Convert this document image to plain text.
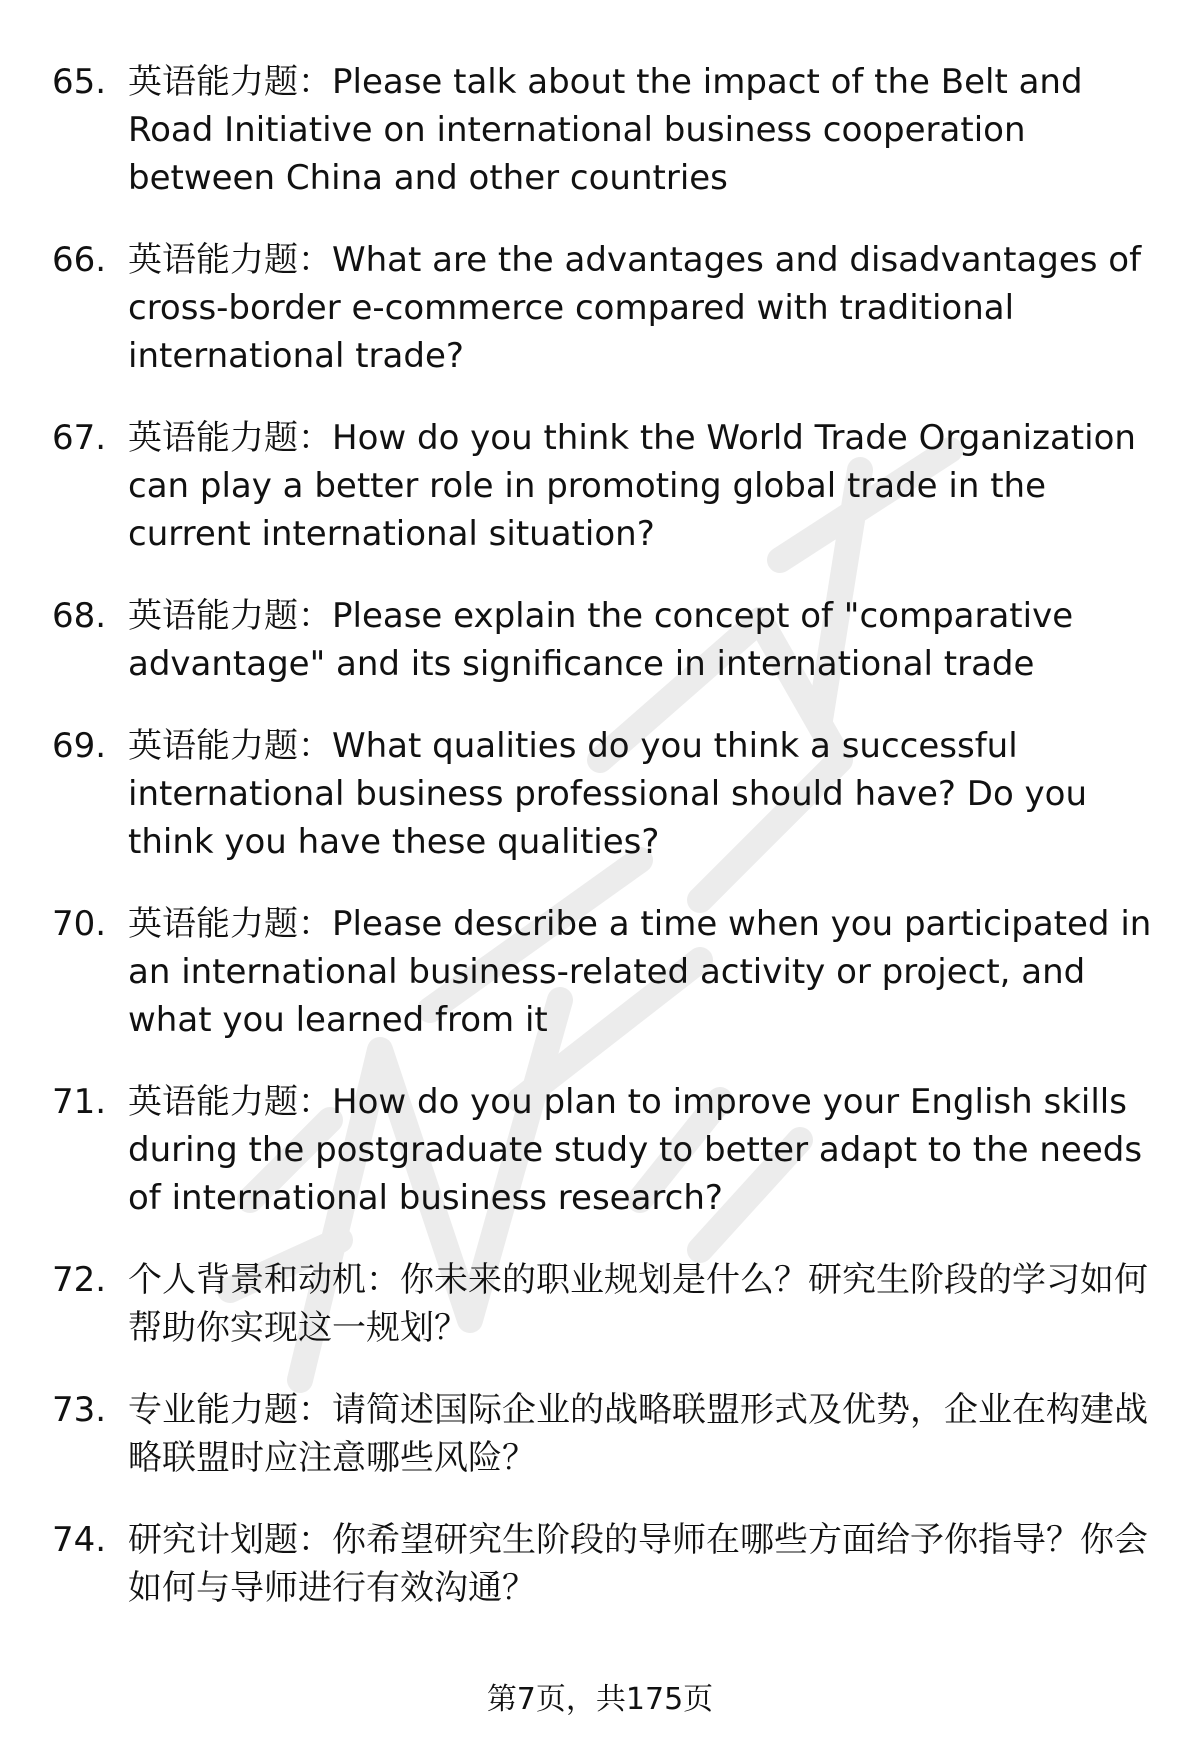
65. 英语能力题：Please talk about the impact of the Belt and Road Initiative on international business cooperation between China and other countries

66. 英语能力题：What are the advantages and disadvantages of cross-border e-commerce compared with traditional international trade?

67. 英语能力题：How do you think the World Trade Organization can play a better role in promoting global trade in the current international situation?

68. 英语能力题：Please explain the concept of "comparative advantage" and its significance in international trade

69. 英语能力题：What qualities do you think a successful international business professional should have? Do you think you have these qualities?

70. 英语能力题：Please describe a time when you participated in an international business-related activity or project, and what you learned from it

71. 英语能力题：How do you plan to improve your English skills during the postgraduate study to better adapt to the needs of international business research?

72. 个人背景和动机：你未来的职业规划是什么？研究生阶段的学习如何帮助你实现这一规划？

73. 专业能力题：请简述国际企业的战略联盟形式及优势，企业在构建战略联盟时应注意哪些风险？

74. 研究计划题：你希望研究生阶段的导师在哪些方面给予你指导？你会如何与导师进行有效沟通？

第7页，共175页
